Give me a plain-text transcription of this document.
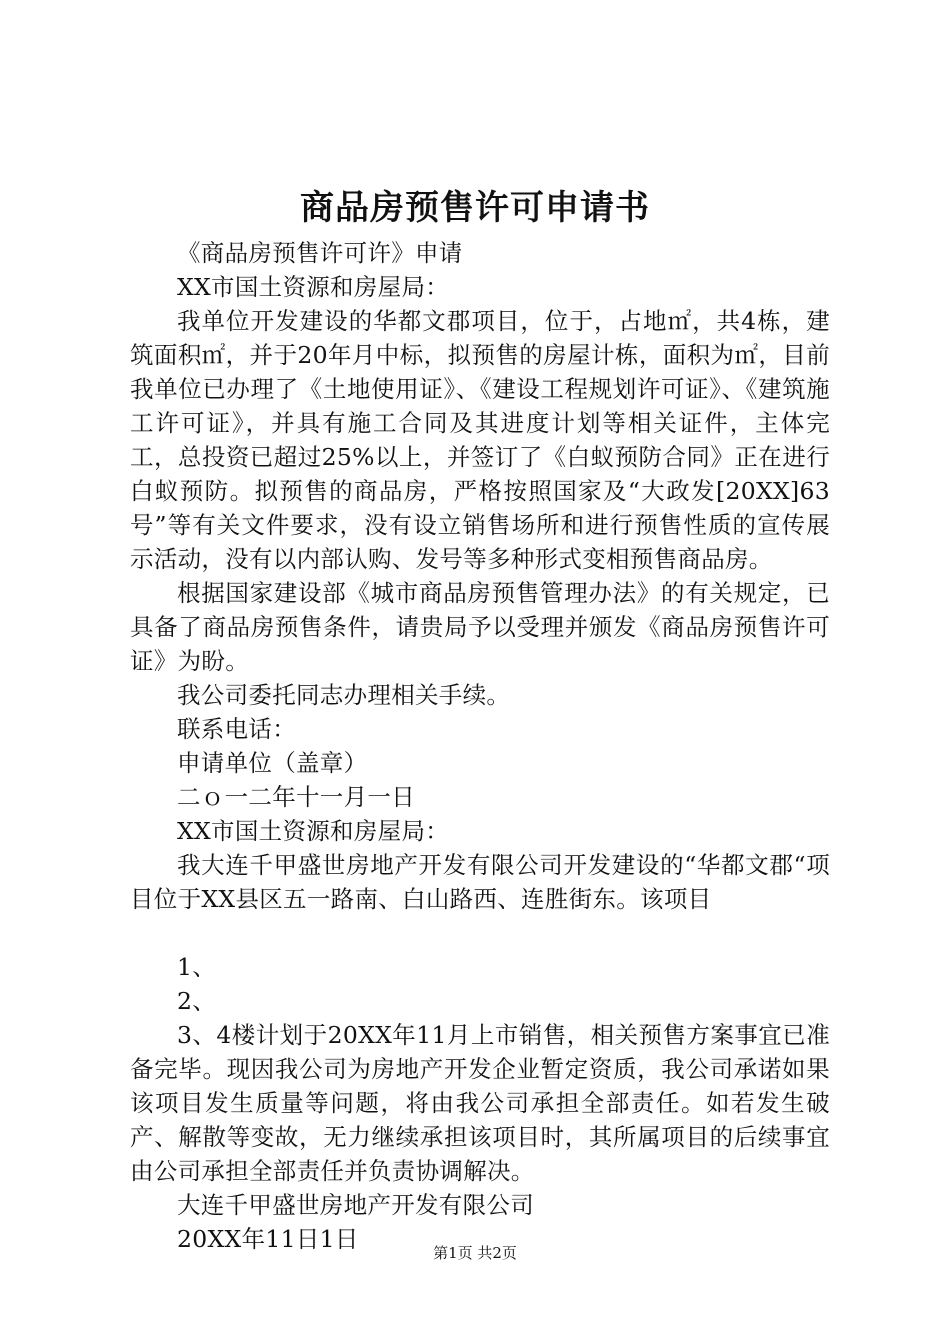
商品房预售许可申请书

《商品房预售许可许》申请

XX市国土资源和房屋局：

我单位开发建设的华都文郡项目，位于，占地㎡，共4栋，建筑面积㎡，并于20年月中标，拟预售的房屋计栋，面积为㎡，目前我单位已办理了《土地使用证》、《建设工程规划许可证》、《建筑施工许可证》，并具有施工合同及其进度计划等相关证件，主体完工，总投资已超过25%以上，并签订了《白蚁预防合同》正在进行白蚁预防。拟预售的商品房，严格按照国家及“大政发[20XX]63号”等有关文件要求，没有设立销售场所和进行预售性质的宣传展示活动，没有以内部认购、发号等多种形式变相预售商品房。

根据国家建设部《城市商品房预售管理办法》的有关规定，已具备了商品房预售条件，请贵局予以受理并颁发《商品房预售许可证》为盼。

我公司委托同志办理相关手续。

联系电话：

申请单位（盖章）

二ｏ一二年十一月一日

XX市国土资源和房屋局：

我大连千甲盛世房地产开发有限公司开发建设的“华都文郡“项目位于XX县区五一路南、白山路西、连胜街东。该项目

1、

2、

3、4楼计划于20XX年11月上市销售，相关预售方案事宜已准备完毕。现因我公司为房地产开发企业暂定资质，我公司承诺如果该项目发生质量等问题，将由我公司承担全部责任。如若发生破产、解散等变故，无力继续承担该项目时，其所属项目的后续事宜由公司承担全部责任并负责协调解决。

大连千甲盛世房地产开发有限公司

20XX年11日1日	第1页 共2页
